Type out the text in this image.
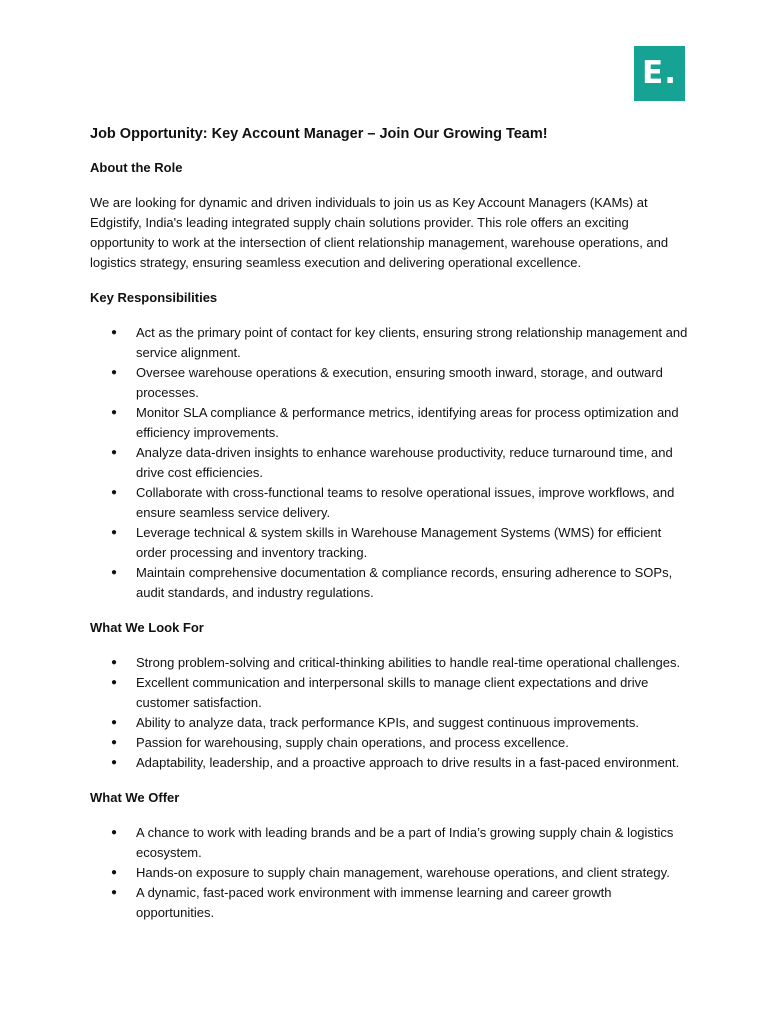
E.
Job Opportunity: Key Account Manager – Join Our Growing Team!
About the Role

We are looking for dynamic and driven individuals to join us as Key Account Managers (KAMs) at Edgistify, India's leading integrated supply chain solutions provider. This role offers an exciting opportunity to work at the intersection of client relationship management, warehouse operations, and logistics strategy, ensuring seamless execution and delivering operational excellence.

Key Responsibilities
● Act as the primary point of contact for key clients, ensuring strong relationship management and service alignment.
● Oversee warehouse operations & execution, ensuring smooth inward, storage, and outward processes.
● Monitor SLA compliance & performance metrics, identifying areas for process optimization and efficiency improvements.
● Analyze data-driven insights to enhance warehouse productivity, reduce turnaround time, and drive cost efficiencies.
● Collaborate with cross-functional teams to resolve operational issues, improve workflows, and ensure seamless service delivery.
● Leverage technical & system skills in Warehouse Management Systems (WMS) for efficient order processing and inventory tracking.
● Maintain comprehensive documentation & compliance records, ensuring adherence to SOPs, audit standards, and industry regulations.
What We Look For
● Strong problem-solving and critical-thinking abilities to handle real-time operational challenges.
● Excellent communication and interpersonal skills to manage client expectations and drive customer satisfaction.
● Ability to analyze data, track performance KPIs, and suggest continuous improvements.
● Passion for warehousing, supply chain operations, and process excellence.
● Adaptability, leadership, and a proactive approach to drive results in a fast-paced environment.
What We Offer
● A chance to work with leading brands and be a part of India’s growing supply chain & logistics ecosystem.
● Hands-on exposure to supply chain management, warehouse operations, and client strategy.
● A dynamic, fast-paced work environment with immense learning and career growth opportunities.
